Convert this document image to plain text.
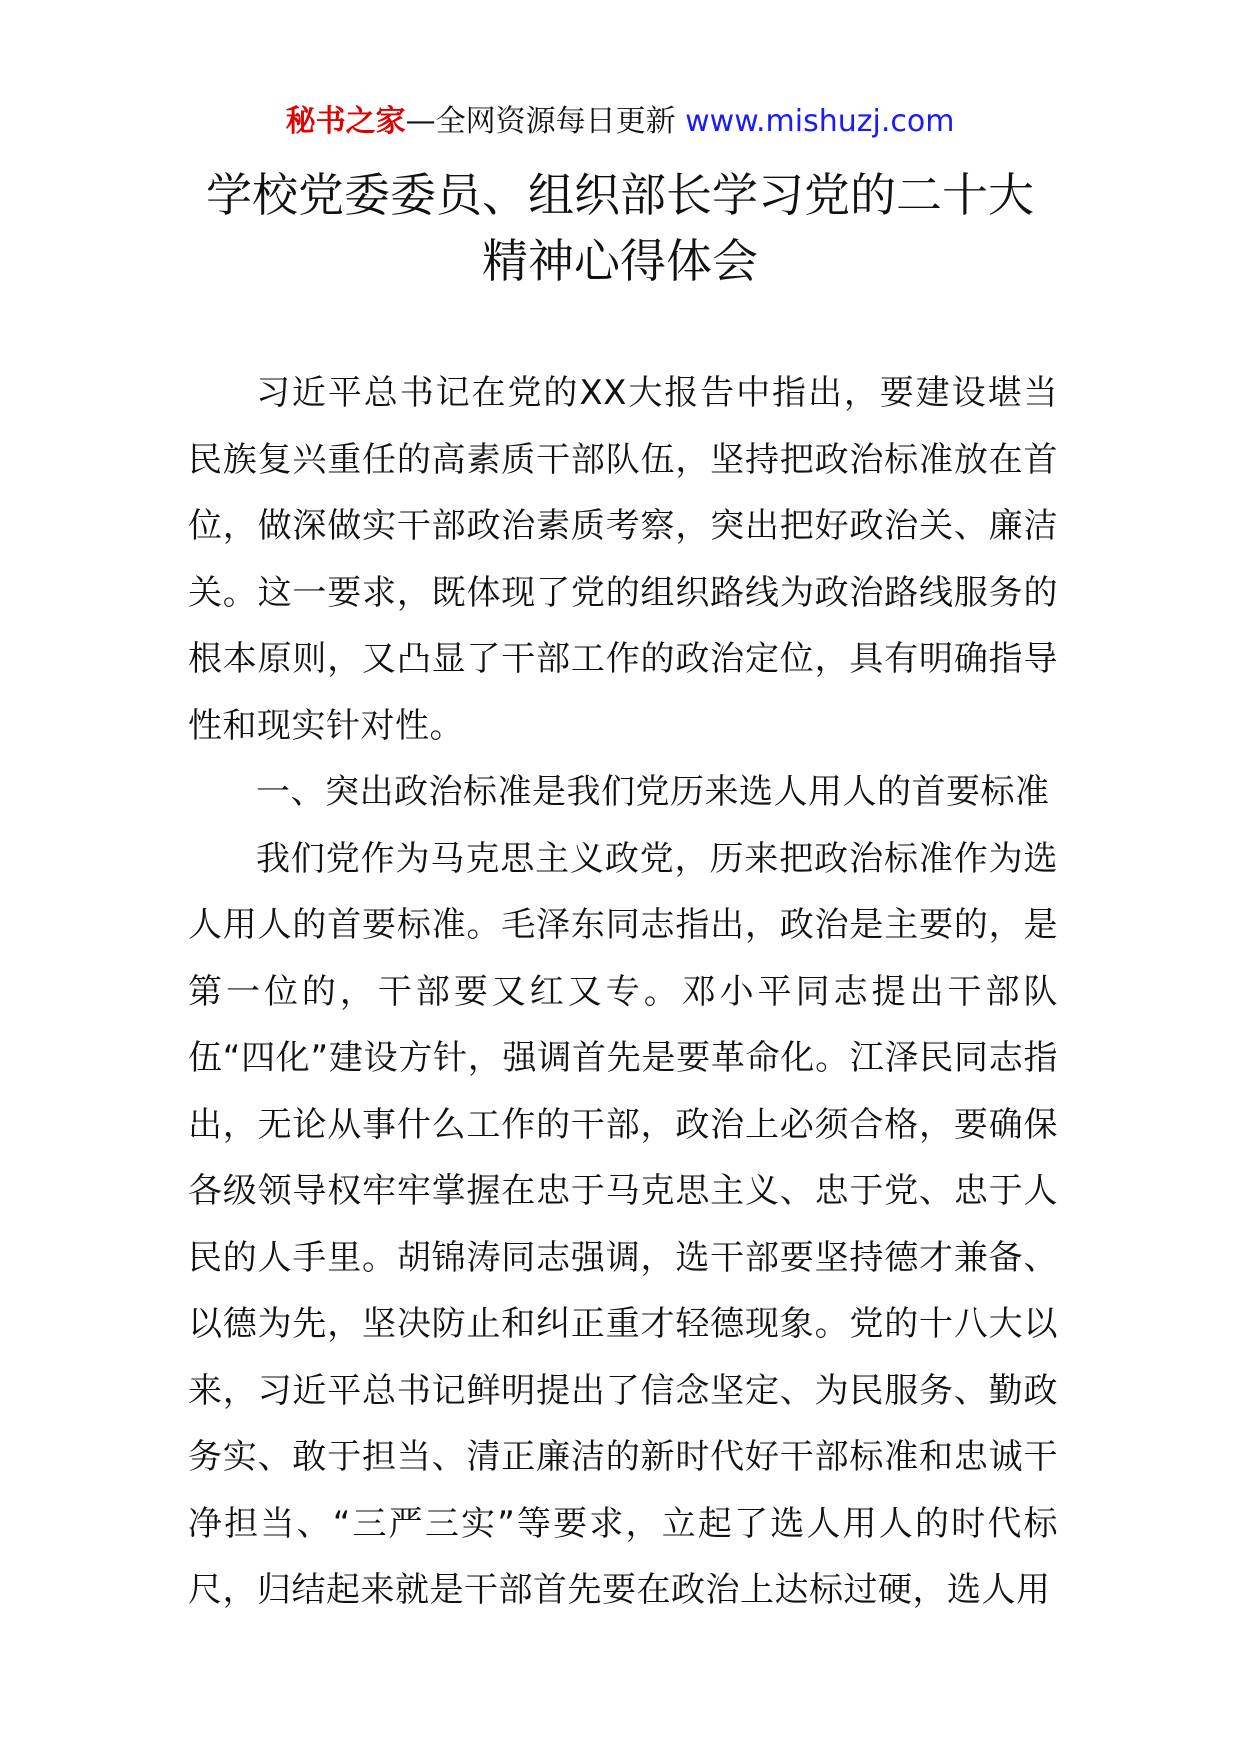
秘书之家—全网资源每日更新 www.mishuzj.com
学校党委委员、组织部长学习党的二十大
精神心得体会

习近平总书记在党的XX大报告中指出，要建设堪当民族复兴重任的高素质干部队伍，坚持把政治标准放在首位，做深做实干部政治素质考察，突出把好政治关、廉洁关。这一要求，既体现了党的组织路线为政治路线服务的根本原则，又凸显了干部工作的政治定位，具有明确指导性和现实针对性。

一、突出政治标准是我们党历来选人用人的首要标准

我们党作为马克思主义政党，历来把政治标准作为选人用人的首要标准。毛泽东同志指出，政治是主要的，是第一位的，干部要又红又专。邓小平同志提出干部队伍“四化”建设方针，强调首先是要革命化。江泽民同志指出，无论从事什么工作的干部，政治上必须合格，要确保各级领导权牢牢掌握在忠于马克思主义、忠于党、忠于人民的人手里。胡锦涛同志强调，选干部要坚持德才兼备、以德为先，坚决防止和纠正重才轻德现象。党的十八大以来，习近平总书记鲜明提出了信念坚定、为民服务、勤政务实、敢于担当、清正廉洁的新时代好干部标准和忠诚干净担当、“三严三实”等要求，立起了选人用人的时代标尺，归结起来就是干部首先要在政治上达标过硬，选人用
